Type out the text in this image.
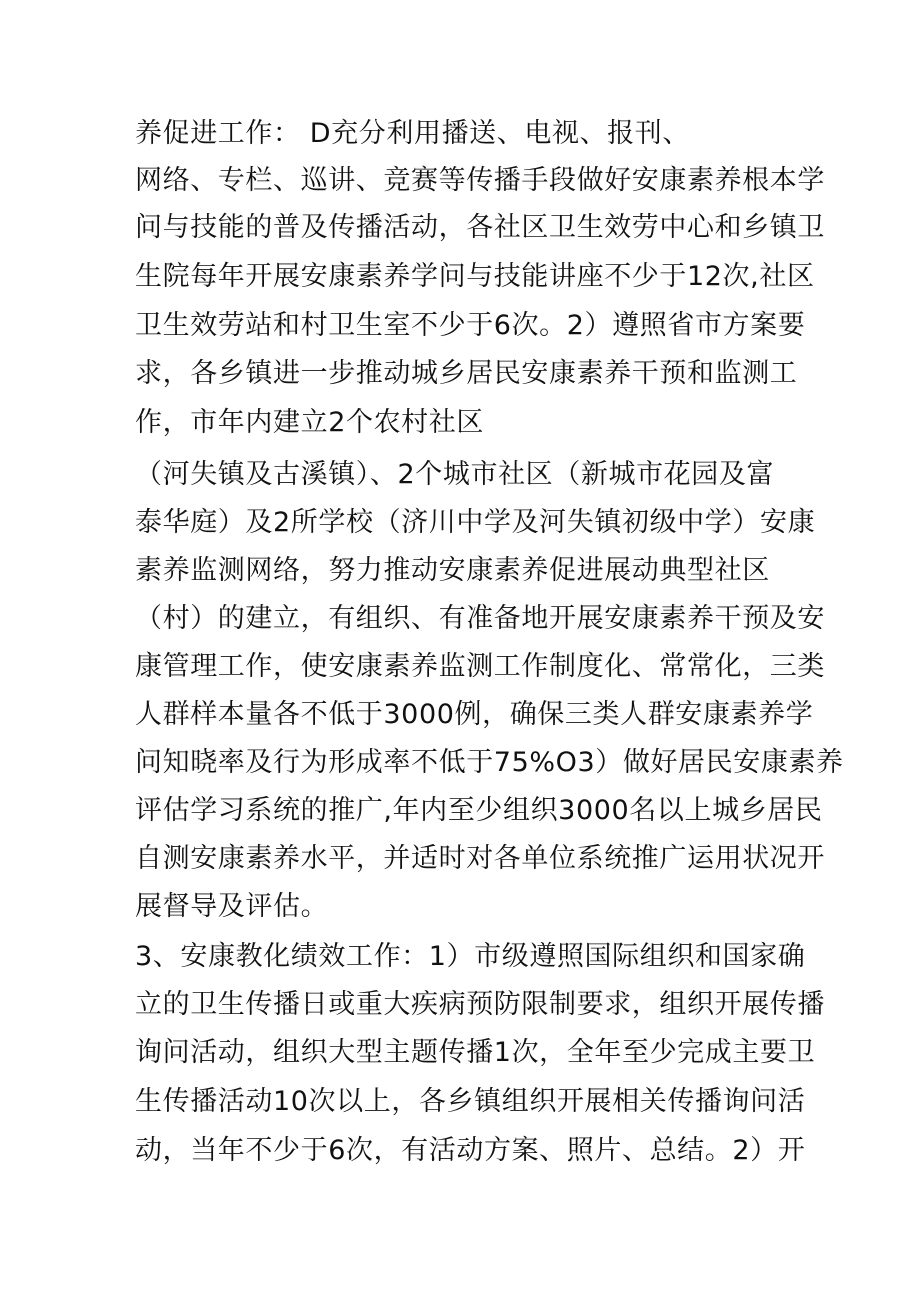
养促进工作： D充分利用播送、电视、报刊、
网络、专栏、巡讲、竞赛等传播手段做好安康素养根本学
问与技能的普及传播活动，各社区卫生效劳中心和乡镇卫
生院每年开展安康素养学问与技能讲座不少于12次,社区
卫生效劳站和村卫生室不少于6次。2）遵照省市方案要
求，各乡镇进一步推动城乡居民安康素养干预和监测工
作，市年内建立2个农村社区
（河失镇及古溪镇）、2个城市社区（新城市花园及富
泰华庭）及2所学校（济川中学及河失镇初级中学）安康
素养监测网络，努力推动安康素养促进展动典型社区
（村）的建立，有组织、有准备地开展安康素养干预及安
康管理工作，使安康素养监测工作制度化、常常化，三类
人群样本量各不低于3000例，确保三类人群安康素养学
问知晓率及行为形成率不低于75%O3）做好居民安康素养
评估学习系统的推广,年内至少组织3000名以上城乡居民
自测安康素养水平，并适时对各单位系统推广运用状况开
展督导及评估。
3、安康教化绩效工作：1）市级遵照国际组织和国家确
立的卫生传播日或重大疾病预防限制要求，组织开展传播
询问活动，组织大型主题传播1次，全年至少完成主要卫
生传播活动10次以上，各乡镇组织开展相关传播询问活
动，当年不少于6次，有活动方案、照片、总结。2）开
